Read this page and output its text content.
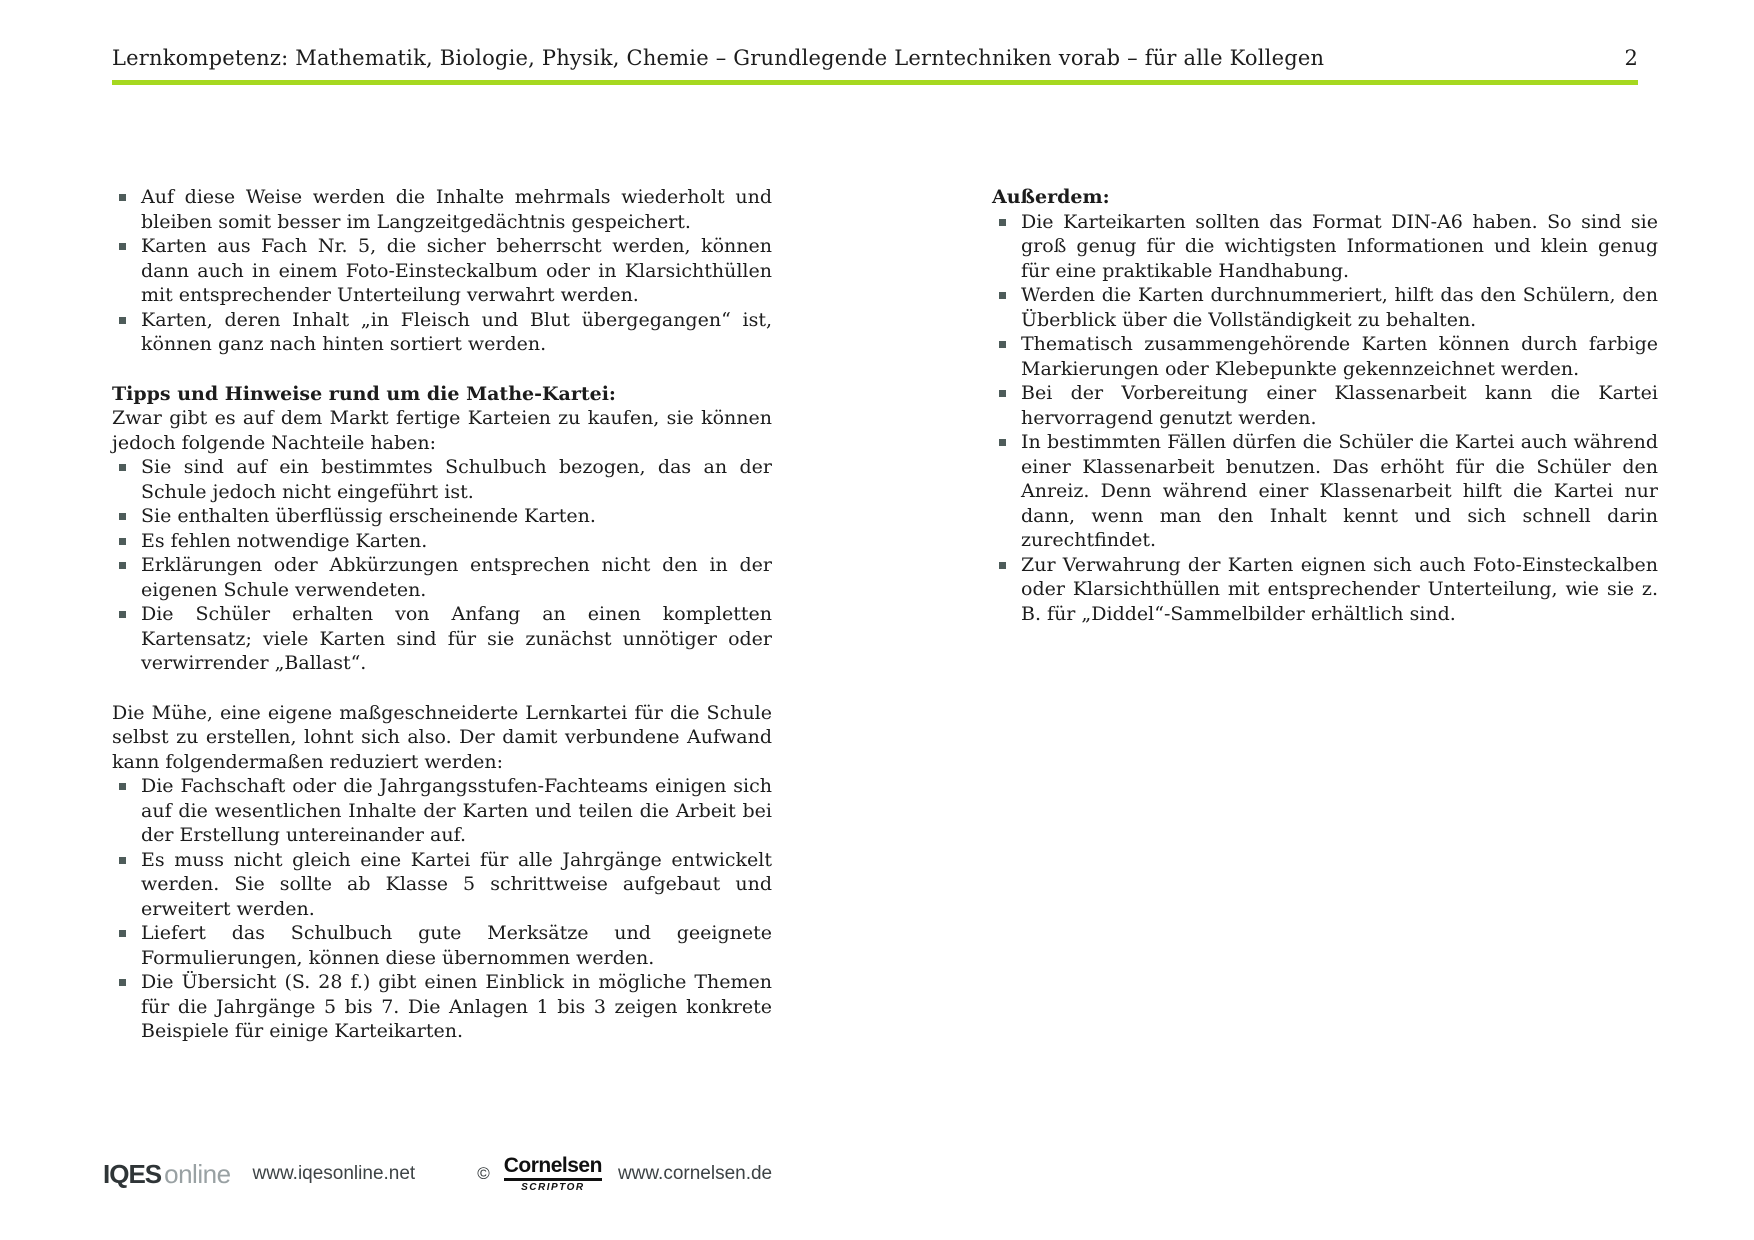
Lernkompetenz: Mathematik, Biologie, Physik, Chemie – Grundlegende Lerntechniken vorab – für alle Kollegen	2
Auf diese Weise werden die Inhalte mehrmals wiederholt und bleiben somit besser im Langzeitgedächtnis gespeichert.
Karten aus Fach Nr. 5, die sicher beherrscht werden, können dann auch in einem Foto-Einsteckalbum oder in Klarsichthüllen mit entsprechender Unterteilung verwahrt werden.
Karten, deren Inhalt „in Fleisch und Blut übergegangen“ ist, können ganz nach hinten sortiert werden.
Tipps und Hinweise rund um die Mathe-Kartei:
Zwar gibt es auf dem Markt fertige Karteien zu kaufen, sie können jedoch folgende Nachteile haben:
Sie sind auf ein bestimmtes Schulbuch bezogen, das an der Schule jedoch nicht eingeführt ist.
Sie enthalten überflüssig erscheinende Karten.
Es fehlen notwendige Karten.
Erklärungen oder Abkürzungen entsprechen nicht den in der eigenen Schule verwendeten.
Die Schüler erhalten von Anfang an einen kompletten Kartensatz; viele Karten sind für sie zunächst unnötiger oder verwirrender „Ballast“.
Die Mühe, eine eigene maßgeschneiderte Lernkartei für die Schule selbst zu erstellen, lohnt sich also. Der damit verbundene Aufwand kann folgendermaßen reduziert werden:
Die Fachschaft oder die Jahrgangsstufen-Fachteams einigen sich auf die wesentlichen Inhalte der Karten und teilen die Arbeit bei der Erstellung untereinander auf.
Es muss nicht gleich eine Kartei für alle Jahrgänge entwickelt werden. Sie sollte ab Klasse 5 schrittweise aufgebaut und erweitert werden.
Liefert das Schulbuch gute Merksätze und geeignete Formulierungen, können diese übernommen werden.
Die Übersicht (S. 28 f.) gibt einen Einblick in mögliche Themen für die Jahrgänge 5 bis 7. Die Anlagen 1 bis 3 zeigen konkrete Beispiele für einige Karteikarten.
Außerdem:
Die Karteikarten sollten das Format DIN-A6 haben. So sind sie groß genug für die wichtigsten Informationen und klein genug für eine praktikable Handhabung.
Werden die Karten durchnummeriert, hilft das den Schülern, den Überblick über die Vollständigkeit zu behalten.
Thematisch zusammengehörende Karten können durch farbige Markierungen oder Klebepunkte gekennzeichnet werden.
Bei der Vorbereitung einer Klassenarbeit kann die Kartei hervorragend genutzt werden.
In bestimmten Fällen dürfen die Schüler die Kartei auch während einer Klassenarbeit benutzen. Das erhöht für die Schüler den Anreiz. Denn während einer Klassenarbeit hilft die Kartei nur dann, wenn man den Inhalt kennt und sich schnell darin zurechtfindet.
Zur Verwahrung der Karten eignen sich auch Foto-Einsteckalben oder Klarsichthüllen mit entsprechender Unterteilung, wie sie z. B. für „Diddel“-Sammelbilder erhältlich sind.
IQES online www.iqesonline.net	© Cornelsen
SCRIPTOR
www.cornelsen.de
